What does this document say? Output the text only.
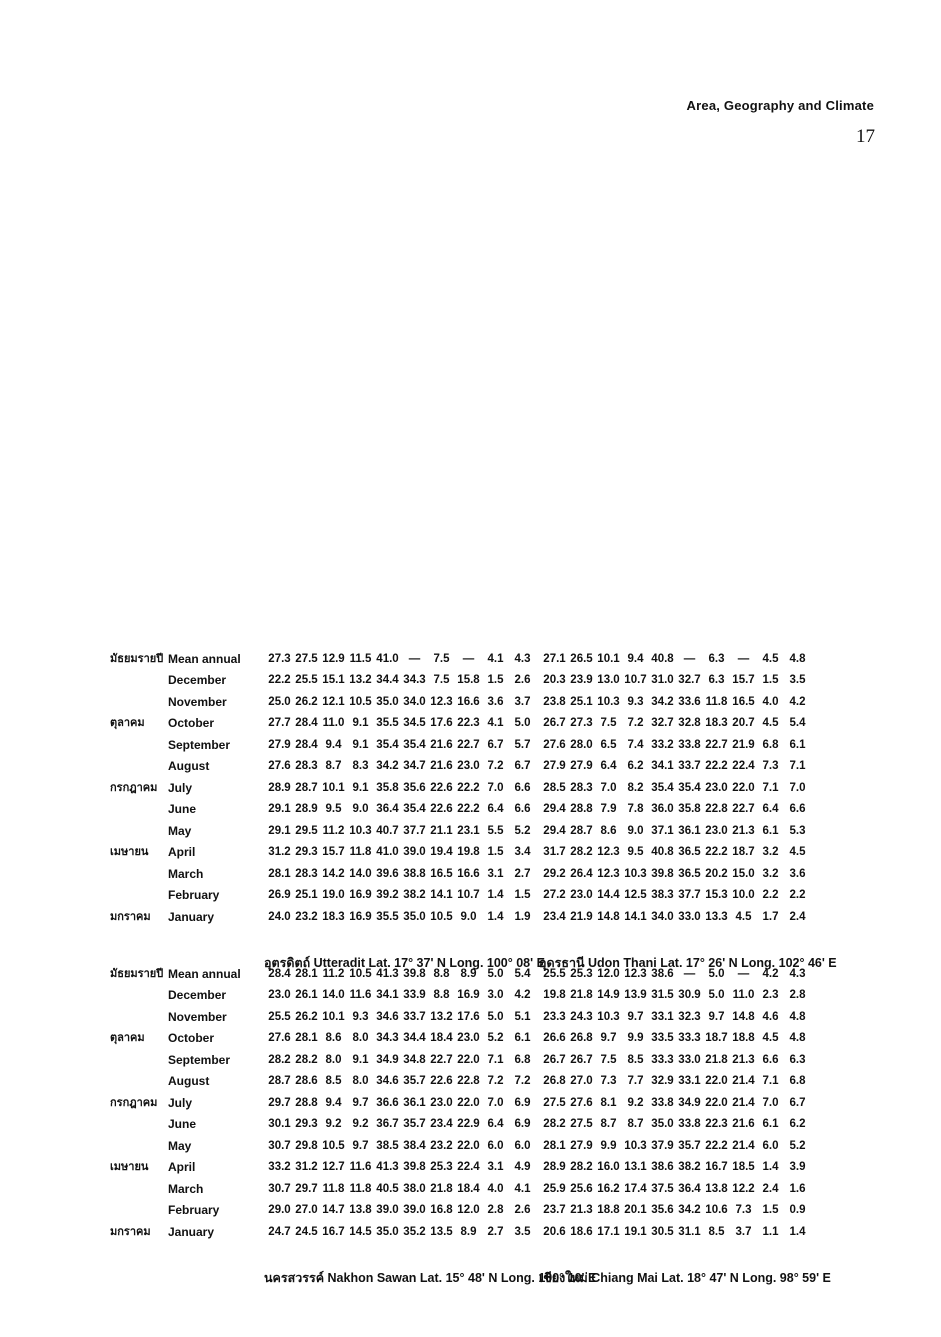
Area, Geography and Climate
17
มกราคม January
February
March
เมษายน April
May
June
กรกฎาคม July
August
September
ตุลาคม October
November
December
มัธยมรายปี Mean annual
มกราคม January
February
March
เมษายน April
May
June
กรกฎาคม July
August
September
ตุลาคม October
November
December
มัธยมรายปี Mean annual
นครสวรรค์ Nakhon Sawan Lat. 15° 48' N Long. 100° 10' E
24.7
29.0
30.7
33.2
30.7
30.1
29.7
28.7
28.2
27.6
25.5
23.0
28.4
24.5
27.0
29.7
31.2
29.8
29.3
28.8
28.6
28.2
28.1
26.2
26.1
28.1
16.7
14.7
11.8
12.7
10.5
9.2
9.4
8.5
8.0
8.6
10.1
14.0
11.2
14.5
13.8
11.8
11.6
9.7
9.2
9.7
8.0
9.1
8.0
9.3
11.6
10.5
35.0
39.0
40.5
41.3
38.5
36.7
36.6
34.6
34.9
34.3
34.6
34.1
41.3
35.2
39.0
38.0
39.8
38.4
35.7
36.1
35.7
34.8
34.4
33.7
33.9
39.8
13.5
16.8
21.8
25.3
23.2
23.4
23.0
22.6
22.7
18.4
13.2
8.8
8.8
8.9
12.0
18.4
22.4
22.0
22.9
22.0
22.8
22.0
23.0
17.6
16.9
8.9
2.7
2.8
4.0
3.1
6.0
6.4
7.0
7.2
7.1
5.2
5.0
3.0
5.0
3.5
2.6
4.1
4.9
6.0
6.9
6.9
7.2
6.8
6.1
5.1
4.2
5.4
เชียงใหม่ Chiang Mai Lat. 18° 47' N Long. 98° 59' E
20.6
23.7
25.9
28.9
28.1
28.2
27.5
26.8
26.7
26.6
23.3
19.8
25.5
18.6
21.3
25.6
28.2
27.9
27.5
27.6
27.0
26.7
26.8
24.3
21.8
25.3
17.1
18.8
16.2
16.0
9.9
8.7
8.1
7.3
7.5
9.7
10.3
14.9
12.0
19.1
20.1
17.4
13.1
10.3
8.7
9.2
7.7
8.5
9.9
9.7
13.9
12.3
30.5
35.6
37.5
38.6
37.9
35.0
33.8
32.9
33.3
33.5
33.1
31.5
38.6
31.1
34.2
36.4
38.2
35.7
33.8
34.9
33.1
33.0
33.3
32.3
30.9
—
8.5
10.6
13.8
16.7
22.2
22.3
22.0
22.0
21.8
18.7
9.7
5.0
5.0
3.7
7.3
12.2
18.5
21.4
21.6
21.4
21.4
21.3
18.8
14.8
11.0
—
1.1
1.5
2.4
1.4
6.0
6.1
7.0
7.1
6.6
4.5
4.6
2.3
4.2
1.4
0.9
1.6
3.9
5.2
6.2
6.7
6.8
6.3
4.8
4.8
2.8
4.3
อุตรดิตถ์ Utteradit Lat. 17° 37' N Long. 100° 08' E
24.0
26.9
28.1
31.2
29.1
29.1
28.9
27.6
27.9
27.7
25.0
22.2
27.3
23.2
25.1
28.3
29.3
29.5
28.9
28.7
28.3
28.4
28.4
26.2
25.5
27.5
18.3
19.0
14.2
15.7
11.2
9.5
10.1
8.7
9.4
11.0
12.1
15.1
12.9
16.9
16.9
14.0
11.8
10.3
9.0
9.1
8.3
9.1
9.1
10.5
13.2
11.5
35.5
39.2
39.6
41.0
40.7
36.4
35.8
34.2
35.4
35.5
35.0
34.4
41.0
35.0
38.2
38.8
39.0
37.7
35.4
35.6
34.7
35.4
34.5
34.0
34.3
—
10.5
14.1
16.5
19.4
21.1
22.6
22.6
21.6
21.6
17.6
12.3
7.5
7.5
9.0
10.7
16.6
19.8
23.1
22.2
22.2
23.0
22.7
22.3
16.6
15.8
—
1.4
1.4
3.1
1.5
5.5
6.4
7.0
7.2
6.7
4.1
3.6
1.5
4.1
1.9
1.5
2.7
3.4
5.2
6.6
6.6
6.7
5.7
5.0
3.7
2.6
4.3
อุดรธานี Udon Thani Lat. 17° 26' N Long. 102° 46' E
23.4
27.2
29.2
31.7
29.4
29.4
28.5
27.9
27.6
26.7
23.8
20.3
27.1
21.9
23.0
26.4
28.2
28.7
28.8
28.3
27.9
28.0
27.3
25.1
23.9
26.5
14.8
14.4
12.3
12.3
8.6
7.9
7.0
6.4
6.5
7.5
10.3
13.0
10.1
14.1
12.5
10.3
9.5
9.0
7.8
8.2
6.2
7.4
7.2
9.3
10.7
9.4
34.0
38.3
39.8
40.8
37.1
36.0
35.4
34.1
33.2
32.7
34.2
31.0
40.8
33.0
37.7
36.5
36.5
36.1
35.8
35.4
33.7
33.8
32.8
33.6
32.7
—
13.3
15.3
20.2
22.2
23.0
22.8
23.0
22.2
22.7
18.3
11.8
6.3
6.3
4.5
10.0
15.0
18.7
21.3
22.7
22.0
22.4
21.9
20.7
16.5
15.7
—
1.7
2.2
3.2
3.2
6.1
6.4
7.1
7.3
6.8
4.5
4.0
1.5
4.5
2.4
2.2
3.6
4.5
5.3
6.6
7.0
7.1
6.1
5.4
4.2
3.5
4.8
